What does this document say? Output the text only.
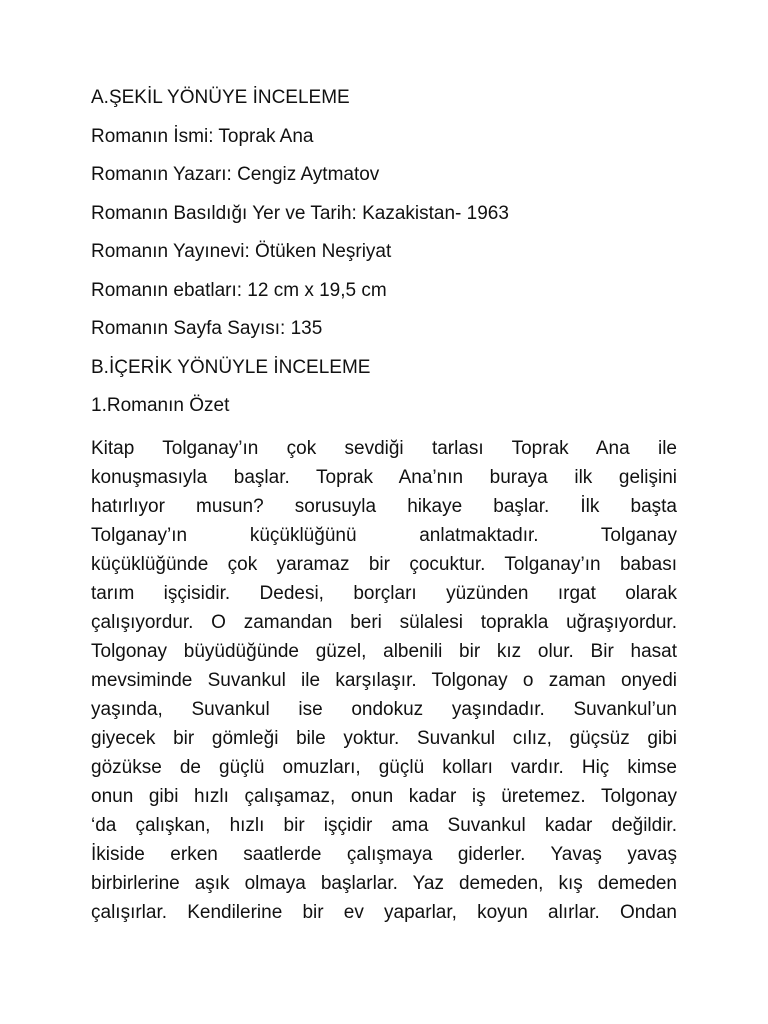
A.ŞEKİL YÖNÜYE İNCELEME
Romanın İsmi: Toprak Ana
Romanın Yazarı: Cengiz Aytmatov
Romanın Basıldığı Yer ve Tarih: Kazakistan- 1963
Romanın Yayınevi: Ötüken Neşriyat
Romanın ebatları: 12 cm x 19,5 cm
Romanın Sayfa Sayısı: 135
B.İÇERİK YÖNÜYLE İNCELEME
1.Romanın Özet
Kitap Tolganay’ın çok sevdiği tarlası Toprak Ana ile
konuşmasıyla başlar. Toprak Ana’nın buraya ilk gelişini
hatırlıyor musun? sorusuyla hikaye başlar. İlk başta
Tolganay’ın küçüklüğünü anlatmaktadır. Tolganay
küçüklüğünde çok yaramaz bir çocuktur. Tolganay’ın babası
tarım işçisidir. Dedesi, borçları yüzünden ırgat olarak
çalışıyordur. O zamandan beri sülalesi toprakla uğraşıyordur.
Tolgonay büyüdüğünde güzel, albenili bir kız olur. Bir hasat
mevsiminde Suvankul ile karşılaşır. Tolgonay o zaman onyedi
yaşında, Suvankul ise ondokuz yaşındadır. Suvankul’un
giyecek bir gömleği bile yoktur. Suvankul cılız, güçsüz gibi
gözükse de güçlü omuzları, güçlü kolları vardır. Hiç kimse
onun gibi hızlı çalışamaz, onun kadar iş üretemez. Tolgonay
‘da çalışkan, hızlı bir işçidir ama Suvankul kadar değildir.
İkiside erken saatlerde çalışmaya giderler. Yavaş yavaş
birbirlerine aşık olmaya başlarlar. Yaz demeden, kış demeden
çalışırlar. Kendilerine bir ev yaparlar, koyun alırlar. Ondan
